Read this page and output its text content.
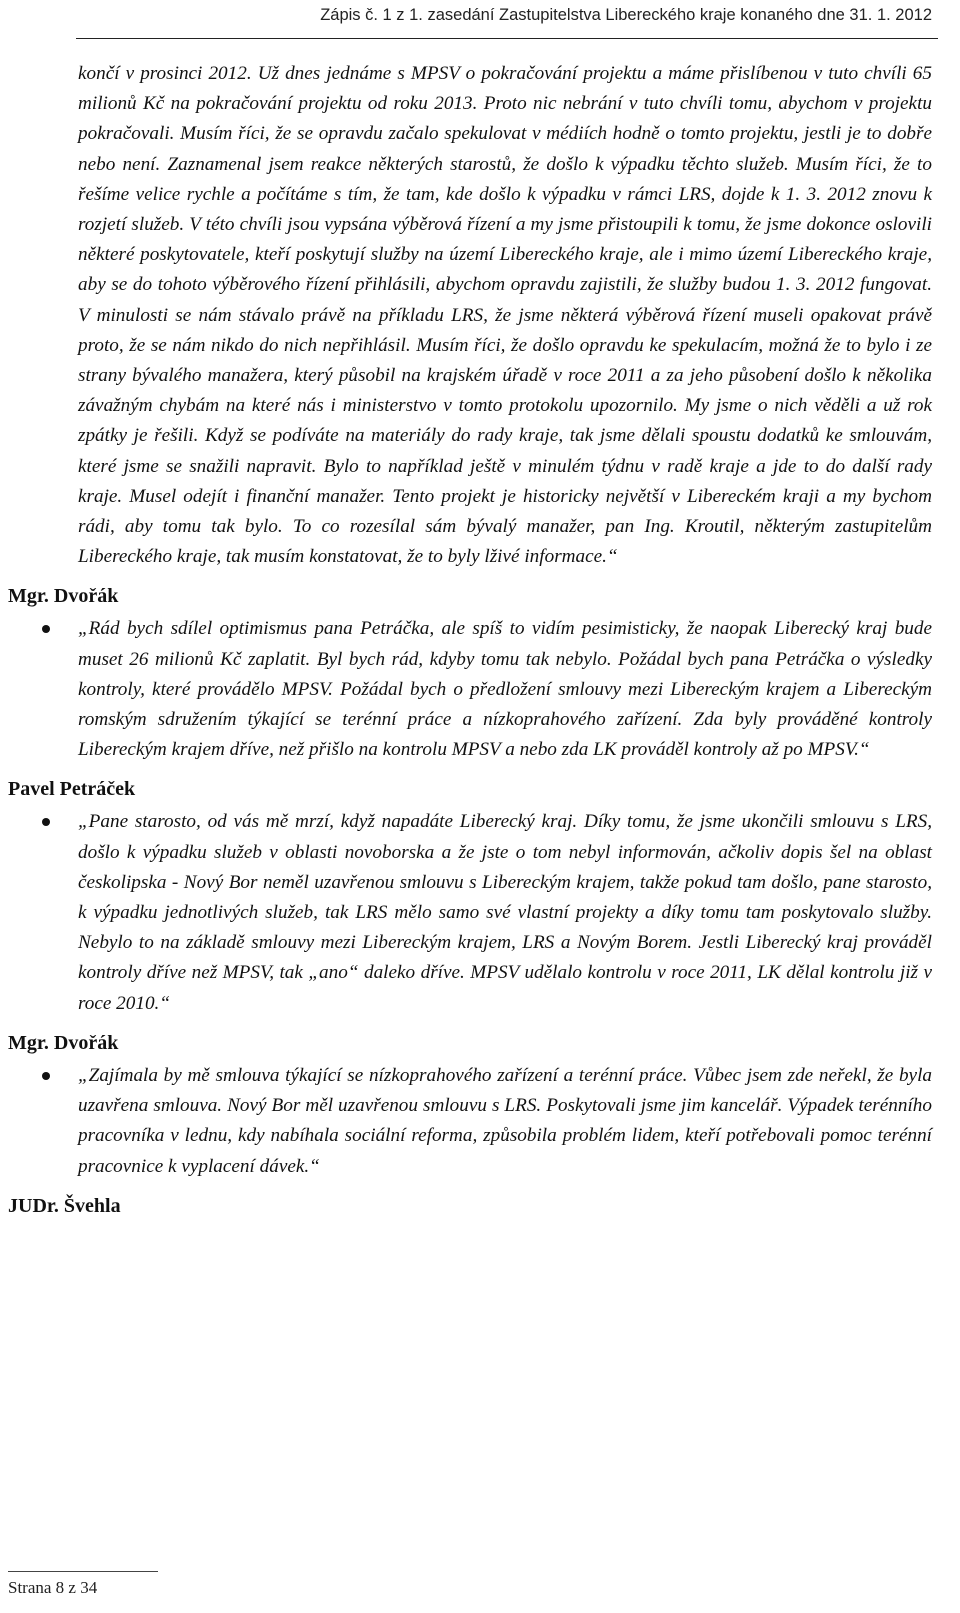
Zápis č. 1 z 1. zasedání Zastupitelstva Libereckého kraje konaného dne 31. 1. 2012

končí v prosinci 2012. Už dnes jednáme s MPSV o pokračování projektu a máme přislíbenou v tuto chvíli 65 milionů Kč na pokračování projektu od roku 2013. Proto nic nebrání v tuto chvíli tomu, abychom v projektu pokračovali. Musím říci, že se opravdu začalo spekulovat v médiích hodně o tomto projektu, jestli je to dobře nebo není. Zaznamenal jsem reakce některých starostů, že došlo k výpadku těchto služeb. Musím říci, že to řešíme velice rychle a počítáme s tím, že tam, kde došlo k výpadku v rámci LRS, dojde k 1. 3. 2012 znovu k rozjetí služeb. V této chvíli jsou vypsána výběrová řízení a my jsme přistoupili k tomu, že jsme dokonce oslovili některé poskytovatele, kteří poskytují služby na území Libereckého kraje, ale i mimo území Libereckého kraje, aby se do tohoto výběrového řízení přihlásili, abychom opravdu zajistili, že služby budou 1. 3. 2012 fungovat. V minulosti se nám stávalo právě na příkladu LRS, že jsme některá výběrová řízení museli opakovat právě proto, že se nám nikdo do nich nepřihlásil. Musím říci, že došlo opravdu ke spekulacím, možná že to bylo i ze strany bývalého manažera, který působil na krajském úřadě v roce 2011 a za jeho působení došlo k několika závažným chybám na které nás i ministerstvo v tomto protokolu upozornilo. My jsme o nich věděli a už rok zpátky je řešili. Když se podíváte na materiály do rady kraje, tak jsme dělali spoustu dodatků ke smlouvám, které jsme se snažili napravit. Bylo to například ještě v minulém týdnu v radě kraje a jde to do další rady kraje. Musel odejít i finanční manažer. Tento projekt je historicky největší v Libereckém kraji a my bychom rádi, aby tomu tak bylo. To co rozesílal sám bývalý manažer, pan Ing. Kroutil, některým zastupitelům Libereckého kraje, tak musím konstatovat, že to byly lživé informace.“

Mgr. Dvořák

„Rád bych sdílel optimismus pana Petráčka, ale spíš to vidím pesimisticky, že naopak Liberecký kraj bude muset 26 milionů Kč zaplatit. Byl bych rád, kdyby tomu tak nebylo. Požádal bych pana Petráčka o výsledky kontroly, které provádělo MPSV. Požádal bych o předložení smlouvy mezi Libereckým krajem a Libereckým romským sdružením týkající se terénní práce a nízkoprahového zařízení. Zda byly prováděné kontroly Libereckým krajem dříve, než přišlo na kontrolu MPSV a nebo zda LK prováděl kontroly až po MPSV.“

Pavel Petráček

„Pane starosto, od vás mě mrzí, když napadáte Liberecký kraj. Díky tomu, že jsme ukončili smlouvu s LRS, došlo k výpadku služeb v oblasti novoborska a že jste o tom nebyl informován, ačkoliv dopis šel na oblast českolipska - Nový Bor neměl uzavřenou smlouvu s Libereckým krajem, takže pokud tam došlo, pane starosto, k výpadku jednotlivých služeb, tak LRS mělo samo své vlastní projekty a díky tomu tam poskytovalo služby. Nebylo to na základě smlouvy mezi Libereckým krajem, LRS a Novým Borem. Jestli Liberecký kraj prováděl kontroly dříve než MPSV, tak „ano“ daleko dříve. MPSV udělalo kontrolu v roce 2011, LK dělal kontrolu již v roce 2010.“

Mgr. Dvořák

„Zajímala by mě smlouva týkající se nízkoprahového zařízení a terénní práce. Vůbec jsem zde neřekl, že byla uzavřena smlouva. Nový Bor měl uzavřenou smlouvu s LRS. Poskytovali jsme jim kancelář. Výpadek terénního pracovníka v lednu, kdy nabíhala sociální reforma, způsobila problém lidem, kteří potřebovali pomoc terénní pracovnice k vyplacení dávek.“

JUDr. Švehla
Strana 8 z 34
